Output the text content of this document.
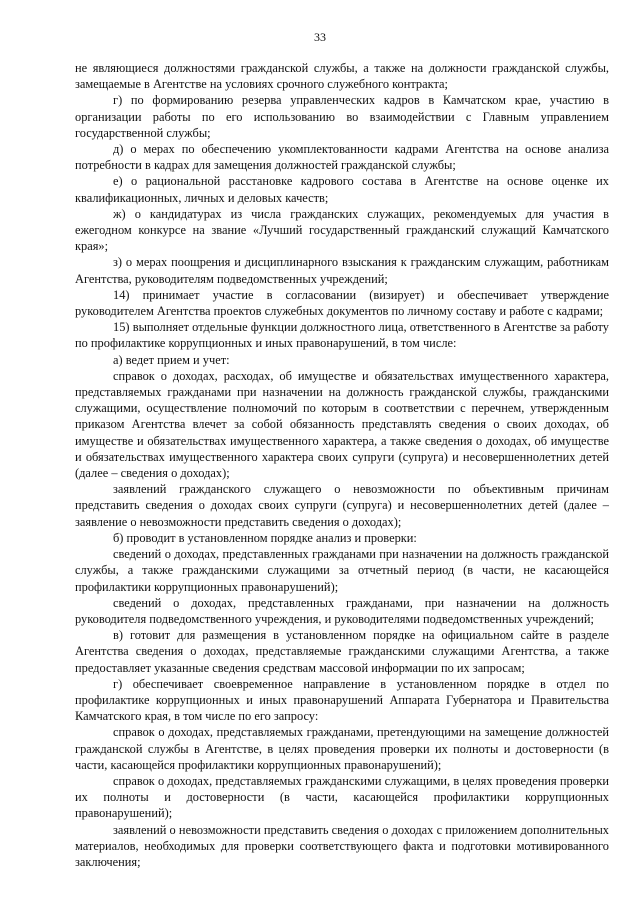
33

не являющиеся должностями гражданской службы, а также на должности гражданской службы, замещаемые в Агентстве на условиях срочного служебного контракта;

г) по формированию резерва управленческих кадров в Камчатском крае, участию в организации работы по его использованию во взаимодействии с Главным управлением государственной службы;

д) о мерах по обеспечению укомплектованности кадрами Агентства на основе анализа потребности в кадрах для замещения должностей гражданской службы;

е) о рациональной расстановке кадрового состава в Агентстве на основе оценке их квалификационных, личных и деловых качеств;

ж) о кандидатурах из числа гражданских служащих, рекомендуемых для участия в ежегодном конкурсе на звание «Лучший государственный гражданский служащий Камчатского края»;

з) о мерах поощрения и дисциплинарного взыскания к гражданским служащим, работникам Агентства, руководителям подведомственных учреждений;

14) принимает участие в согласовании (визирует) и обеспечивает утверждение руководителем Агентства проектов служебных документов по личному составу и работе с кадрами;

15) выполняет отдельные функции должностного лица, ответственного в Агентстве за работу по профилактике коррупционных и иных правонарушений, в том числе:

а) ведет прием и учет:

справок о доходах, расходах, об имуществе и обязательствах имущественного характера, представляемых гражданами при назначении на должность гражданской службы, гражданскими служащими, осуществление полномочий по которым в соответствии с перечнем, утвержденным приказом Агентства влечет за собой обязанность представлять сведения о своих доходах, об имуществе и обязательствах имущественного характера, а также сведения о доходах, об имуществе и обязательствах имущественного характера своих супруги (супруга) и несовершеннолетних детей (далее – сведения о доходах);

заявлений гражданского служащего о невозможности по объективным причинам представить сведения о доходах своих супруги (супруга) и несовершеннолетних детей (далее – заявление о невозможности представить сведения о доходах);

б) проводит в установленном порядке анализ и проверки:

сведений о доходах, представленных гражданами при назначении на должность гражданской службы, а также гражданскими служащими за отчетный период (в части, не касающейся профилактики коррупционных правонарушений);

сведений о доходах, представленных гражданами, при назначении на должность руководителя подведомственного учреждения, и руководителями подведомственных учреждений;

в) готовит для размещения в установленном порядке на официальном сайте в разделе Агентства сведения о доходах, представляемые гражданскими служащими Агентства, а также предоставляет указанные сведения средствам массовой информации по их запросам;

г) обеспечивает своевременное направление в установленном порядке в отдел по профилактике коррупционных и иных правонарушений Аппарата Губернатора и Правительства Камчатского края, в том числе по его запросу:

справок о доходах, представляемых гражданами, претендующими на замещение должностей гражданской службы в Агентстве, в целях проведения проверки их полноты и достоверности (в части, касающейся профилактики коррупционных правонарушений);

справок о доходах, представляемых гражданскими служащими, в целях проведения проверки их полноты и достоверности (в части, касающейся профилактики коррупционных правонарушений);

заявлений о невозможности представить сведения о доходах с приложением дополнительных материалов, необходимых для проверки соответствующего факта и подготовки мотивированного заключения;
